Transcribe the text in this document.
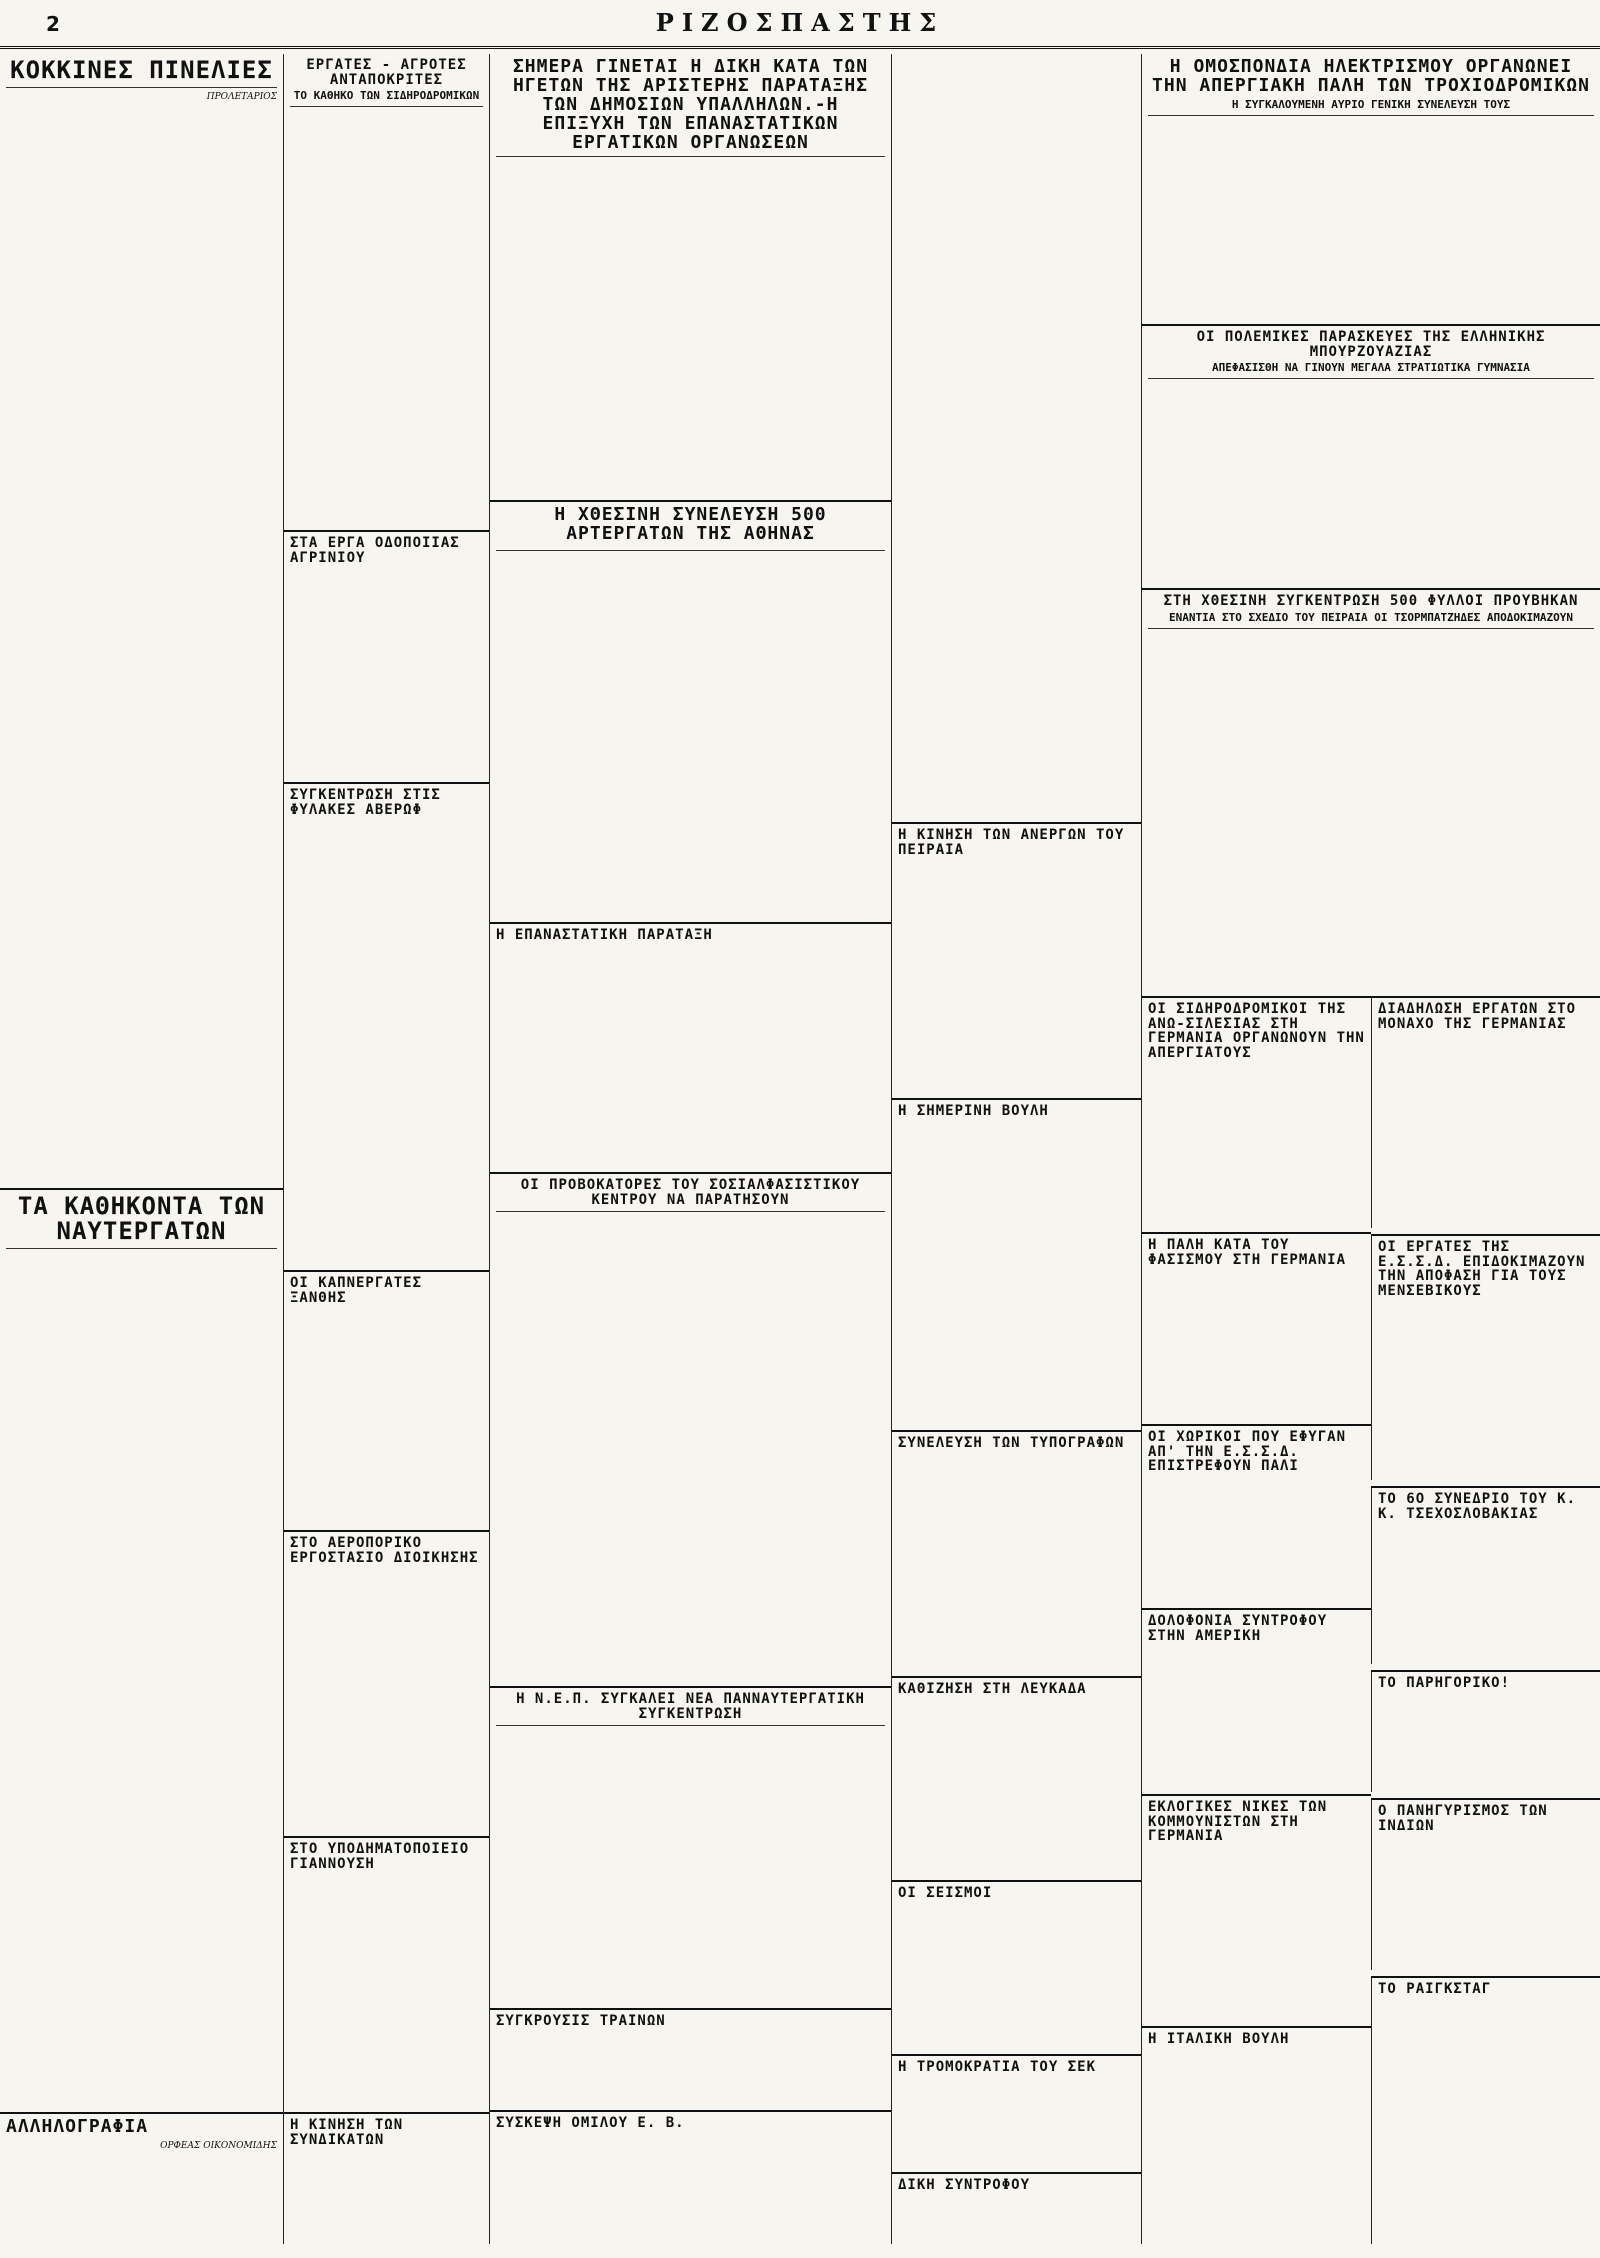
2	ΡΙΖΟΣΠΑΣΤΗΣ
ΚΟΚΚΙΝΕΣ ΠΙΝΕΛΙΕΣ

ΠΡΟΛΕΤΑΡΙΟΣ
ΤΑ ΚΑΘΗΚΟΝΤΑ ΤΩΝ ΝΑΥΤΕΡΓΑΤΩΝ

ΑΛΛΗΛΟΓΡΑΦΙΑ

ΟΡΦΕΑΣ ΟΙΚΟΝΟΜΙΔΗΣ
ΕΡΓΑΤΕΣ - ΑΓΡΟΤΕΣ ΑΝΤΑΠΟΚΡΙΤΕΣ
ΤΟ ΚΑΘΗΚΟ ΤΩΝ ΣΙΔΗΡΟΔΡΟΜΙΚΩΝ

ΣΤΑ ΕΡΓΑ ΟΔΟΠΟΙΙΑΣ ΑΓΡΙΝΙΟΥ

ΣΥΓΚΕΝΤΡΩΣΗ ΣΤΙΣ ΦΥΛΑΚΕΣ ΑΒΕΡΩΦ

ΟΙ ΚΑΠΝΕΡΓΑΤΕΣ ΞΑΝΘΗΣ

ΣΤΟ ΑΕΡΟΠΟΡΙΚΟ ΕΡΓΟΣΤΑΣΙΟ ΔΙΟΙΚΗΣΗΣ

ΣΤΟ ΥΠΟΔΗΜΑΤΟΠΟΙΕΙΟ ΓΙΑΝΝΟΥΣΗ

Η ΚΙΝΗΣΗ ΤΩΝ ΣΥΝΔΙΚΑΤΩΝ

ΣΗΜΕΡΑ ΓΙΝΕΤΑΙ Η ΔΙΚΗ ΚΑΤΑ ΤΩΝ ΗΓΕΤΩΝ ΤΗΣ ΑΡΙΣΤΕΡΗΣ ΠΑΡΑΤΑΞΗΣ ΤΩΝ ΔΗΜΟΣΙΩΝ ΥΠΑΛΛΗΛΩΝ.-Η ΕΠΙΞΥΧΗ ΤΩΝ ΕΠΑΝΑΣΤΑΤΙΚΩΝ ΕΡΓΑΤΙΚΩΝ ΟΡΓΑΝΩΣΕΩΝ

Η ΧΘΕΣΙΝΗ ΣΥΝΕΛΕΥΣΗ 500 ΑΡΤΕΡΓΑΤΩΝ ΤΗΣ ΑΘΗΝΑΣ

Η ΕΠΑΝΑΣΤΑΤΙΚΗ ΠΑΡΑΤΑΞΗ

ΟΙ ΠΡΟΒΟΚΑΤΟΡΕΣ ΤΟΥ ΣΟΣΙΑΛΦΑΣΙΣΤΙΚΟΥ ΚΕΝΤΡΟΥ ΝΑ ΠΑΡΑΤΗΣΟΥΝ

Η Ν.Ε.Π. ΣΥΓΚΑΛΕΙ ΝΕΑ ΠΑΝΝΑΥΤΕΡΓΑΤΙΚΗ ΣΥΓΚΕΝΤΡΩΣΗ

ΣΥΓΚΡΟΥΣΙΣ ΤΡΑΙΝΩΝ

ΣΥΣΚΕΨΗ ΟΜΙΛΟΥ Ε. Β.

Η ΚΙΝΗΣΗ ΤΩΝ ΑΝΕΡΓΩΝ ΤΟΥ ΠΕΙΡΑΙΑ

Η ΣΗΜΕΡΙΝΗ ΒΟΥΛΗ

ΣΥΝΕΛΕΥΣΗ ΤΩΝ ΤΥΠΟΓΡΑΦΩΝ

ΚΑΘΙΖΗΣΗ ΣΤΗ ΛΕΥΚΑΔΑ

ΟΙ ΣΕΙΣΜΟΙ

Η ΤΡΟΜΟΚΡΑΤΙΑ ΤΟΥ ΣΕΚ

ΔΙΚΗ ΣΥΝΤΡΟΦΟΥ

Η ΟΜΟΣΠΟΝΔΙΑ ΗΛΕΚΤΡΙΣΜΟΥ ΟΡΓΑΝΩΝΕΙ ΤΗΝ ΑΠΕΡΓΙΑΚΗ ΠΑΛΗ ΤΩΝ ΤΡΟΧΙΟΔΡΟΜΙΚΩΝ
Η ΣΥΓΚΑΛΟΥΜΕΝΗ ΑΥΡΙΟ ΓΕΝΙΚΗ ΣΥΝΕΛΕΥΣΗ ΤΟΥΣ

ΟΙ ΠΟΛΕΜΙΚΕΣ ΠΑΡΑΣΚΕΥΕΣ ΤΗΣ ΕΛΛΗΝΙΚΗΣ ΜΠΟΥΡΖΟΥΑΖΙΑΣ
ΑΠΕΦΑΣΙΣΘΗ ΝΑ ΓΙΝΟΥΝ ΜΕΓΑΛΑ ΣΤΡΑΤΙΩΤΙΚΑ ΓΥΜΝΑΣΙΑ

ΣΤΗ ΧΘΕΣΙΝΗ ΣΥΓΚΕΝΤΡΩΣΗ 500 ΦΥΛΛΟΙ ΠΡΟΥΒΗΚΑΝ
ΕΝΑΝΤΙΑ ΣΤΟ ΣΧΕΔΙΟ ΤΟΥ ΠΕΙΡΑΙΑ ΟΙ ΤΣΟΡΜΠΑΤΖΗΔΕΣ ΑΠΟΔΟΚΙΜΑΖΟΥΝ

ΟΙ ΣΙΔΗΡΟΔΡΟΜΙΚΟΙ ΤΗΣ ΑΝΩ-ΣΙΛΕΣΙΑΣ ΣΤΗ ΓΕΡΜΑΝΙΑ ΟΡΓΑΝΩΝΟΥΝ ΤΗΝ ΑΠΕΡΓΙΑΤΟΥΣ

ΔΙΑΔΗΛΩΣΗ ΕΡΓΑΤΩΝ ΣΤΟ ΜΟΝΑΧΟ ΤΗΣ ΓΕΡΜΑΝΙΑΣ

Η ΠΑΛΗ ΚΑΤΑ ΤΟΥ ΦΑΣΙΣΜΟΥ ΣΤΗ ΓΕΡΜΑΝΙΑ

ΟΙ ΕΡΓΑΤΕΣ ΤΗΣ Ε.Σ.Σ.Δ. ΕΠΙΔΟΚΙΜΑΖΟΥΝ ΤΗΝ ΑΠΟΦΑΣΗ ΓΙΑ ΤΟΥΣ ΜΕΝΣΕΒΙΚΟΥΣ

ΟΙ ΧΩΡΙΚΟΙ ΠΟΥ ΕΦΥΓΑΝ ΑΠ' ΤΗΝ Ε.Σ.Σ.Δ. ΕΠΙΣΤΡΕΦΟΥΝ ΠΑΛΙ

ΤΟ 6Ο ΣΥΝΕΔΡΙΟ ΤΟΥ Κ. Κ. ΤΣΕΧΟΣΛΟΒΑΚΙΑΣ

ΔΟΛΟΦΟΝΙΑ ΣΥΝΤΡΟΦΟΥ ΣΤΗΝ ΑΜΕΡΙΚΗ

ΤΟ ΠΑΡΗΓΟΡΙΚΟ!

ΕΚΛΟΓΙΚΕΣ ΝΙΚΕΣ ΤΩΝ ΚΟΜΜΟΥΝΙΣΤΩΝ ΣΤΗ ΓΕΡΜΑΝΙΑ

Ο ΠΑΝΗΓΥΡΙΣΜΟΣ ΤΩΝ ΙΝΔΙΩΝ

Η ΙΤΑΛΙΚΗ ΒΟΥΛΗ

ΤΟ ΡΑΙΓΚΣΤΑΓ
